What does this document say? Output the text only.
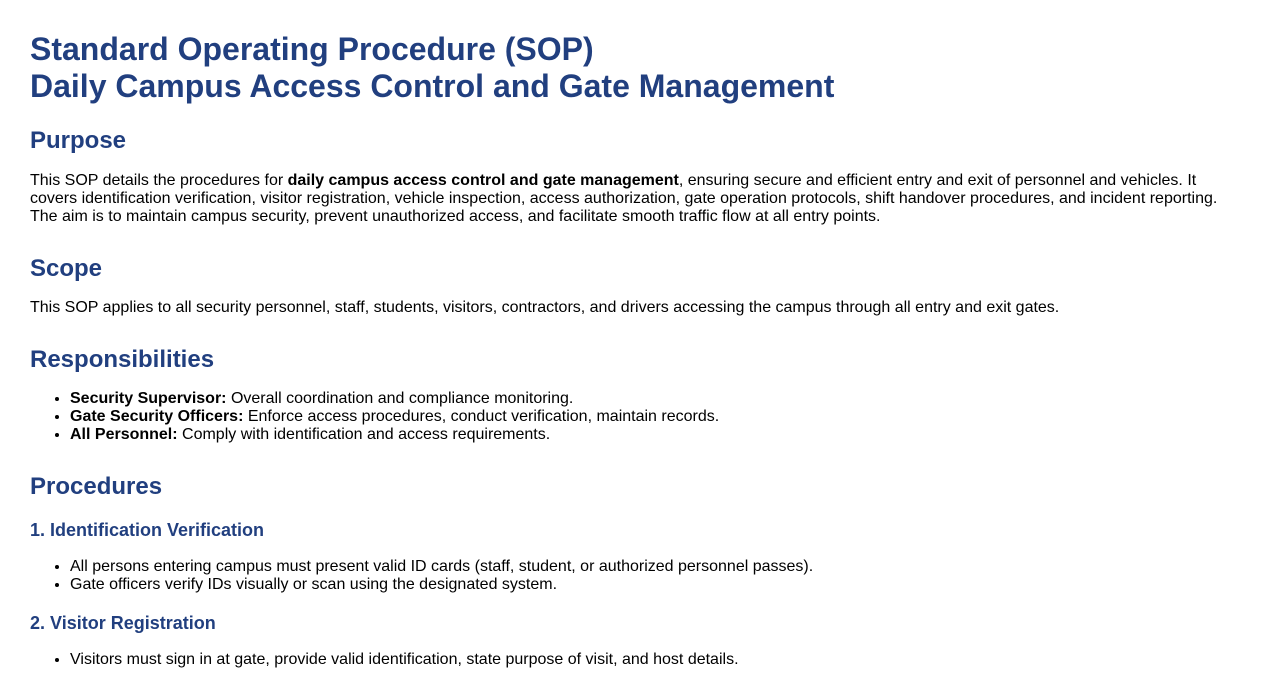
Standard Operating Procedure (SOP)
Daily Campus Access Control and Gate Management
Purpose

This SOP details the procedures for daily campus access control and gate management, ensuring secure and efficient entry and exit of personnel and vehicles. It covers identification verification, visitor registration, vehicle inspection, access authorization, gate operation protocols, shift handover procedures, and incident reporting. The aim is to maintain campus security, prevent unauthorized access, and facilitate smooth traffic flow at all entry points.

Scope

This SOP applies to all security personnel, staff, students, visitors, contractors, and drivers accessing the campus through all entry and exit gates.

Responsibilities
• Security Supervisor: Overall coordination and compliance monitoring.
• Gate Security Officers: Enforce access procedures, conduct verification, maintain records.
• All Personnel: Comply with identification and access requirements.
Procedures
1. Identification Verification
• All persons entering campus must present valid ID cards (staff, student, or authorized personnel passes).
• Gate officers verify IDs visually or scan using the designated system.
2. Visitor Registration
• Visitors must sign in at gate, provide valid identification, state purpose of visit, and host details.
